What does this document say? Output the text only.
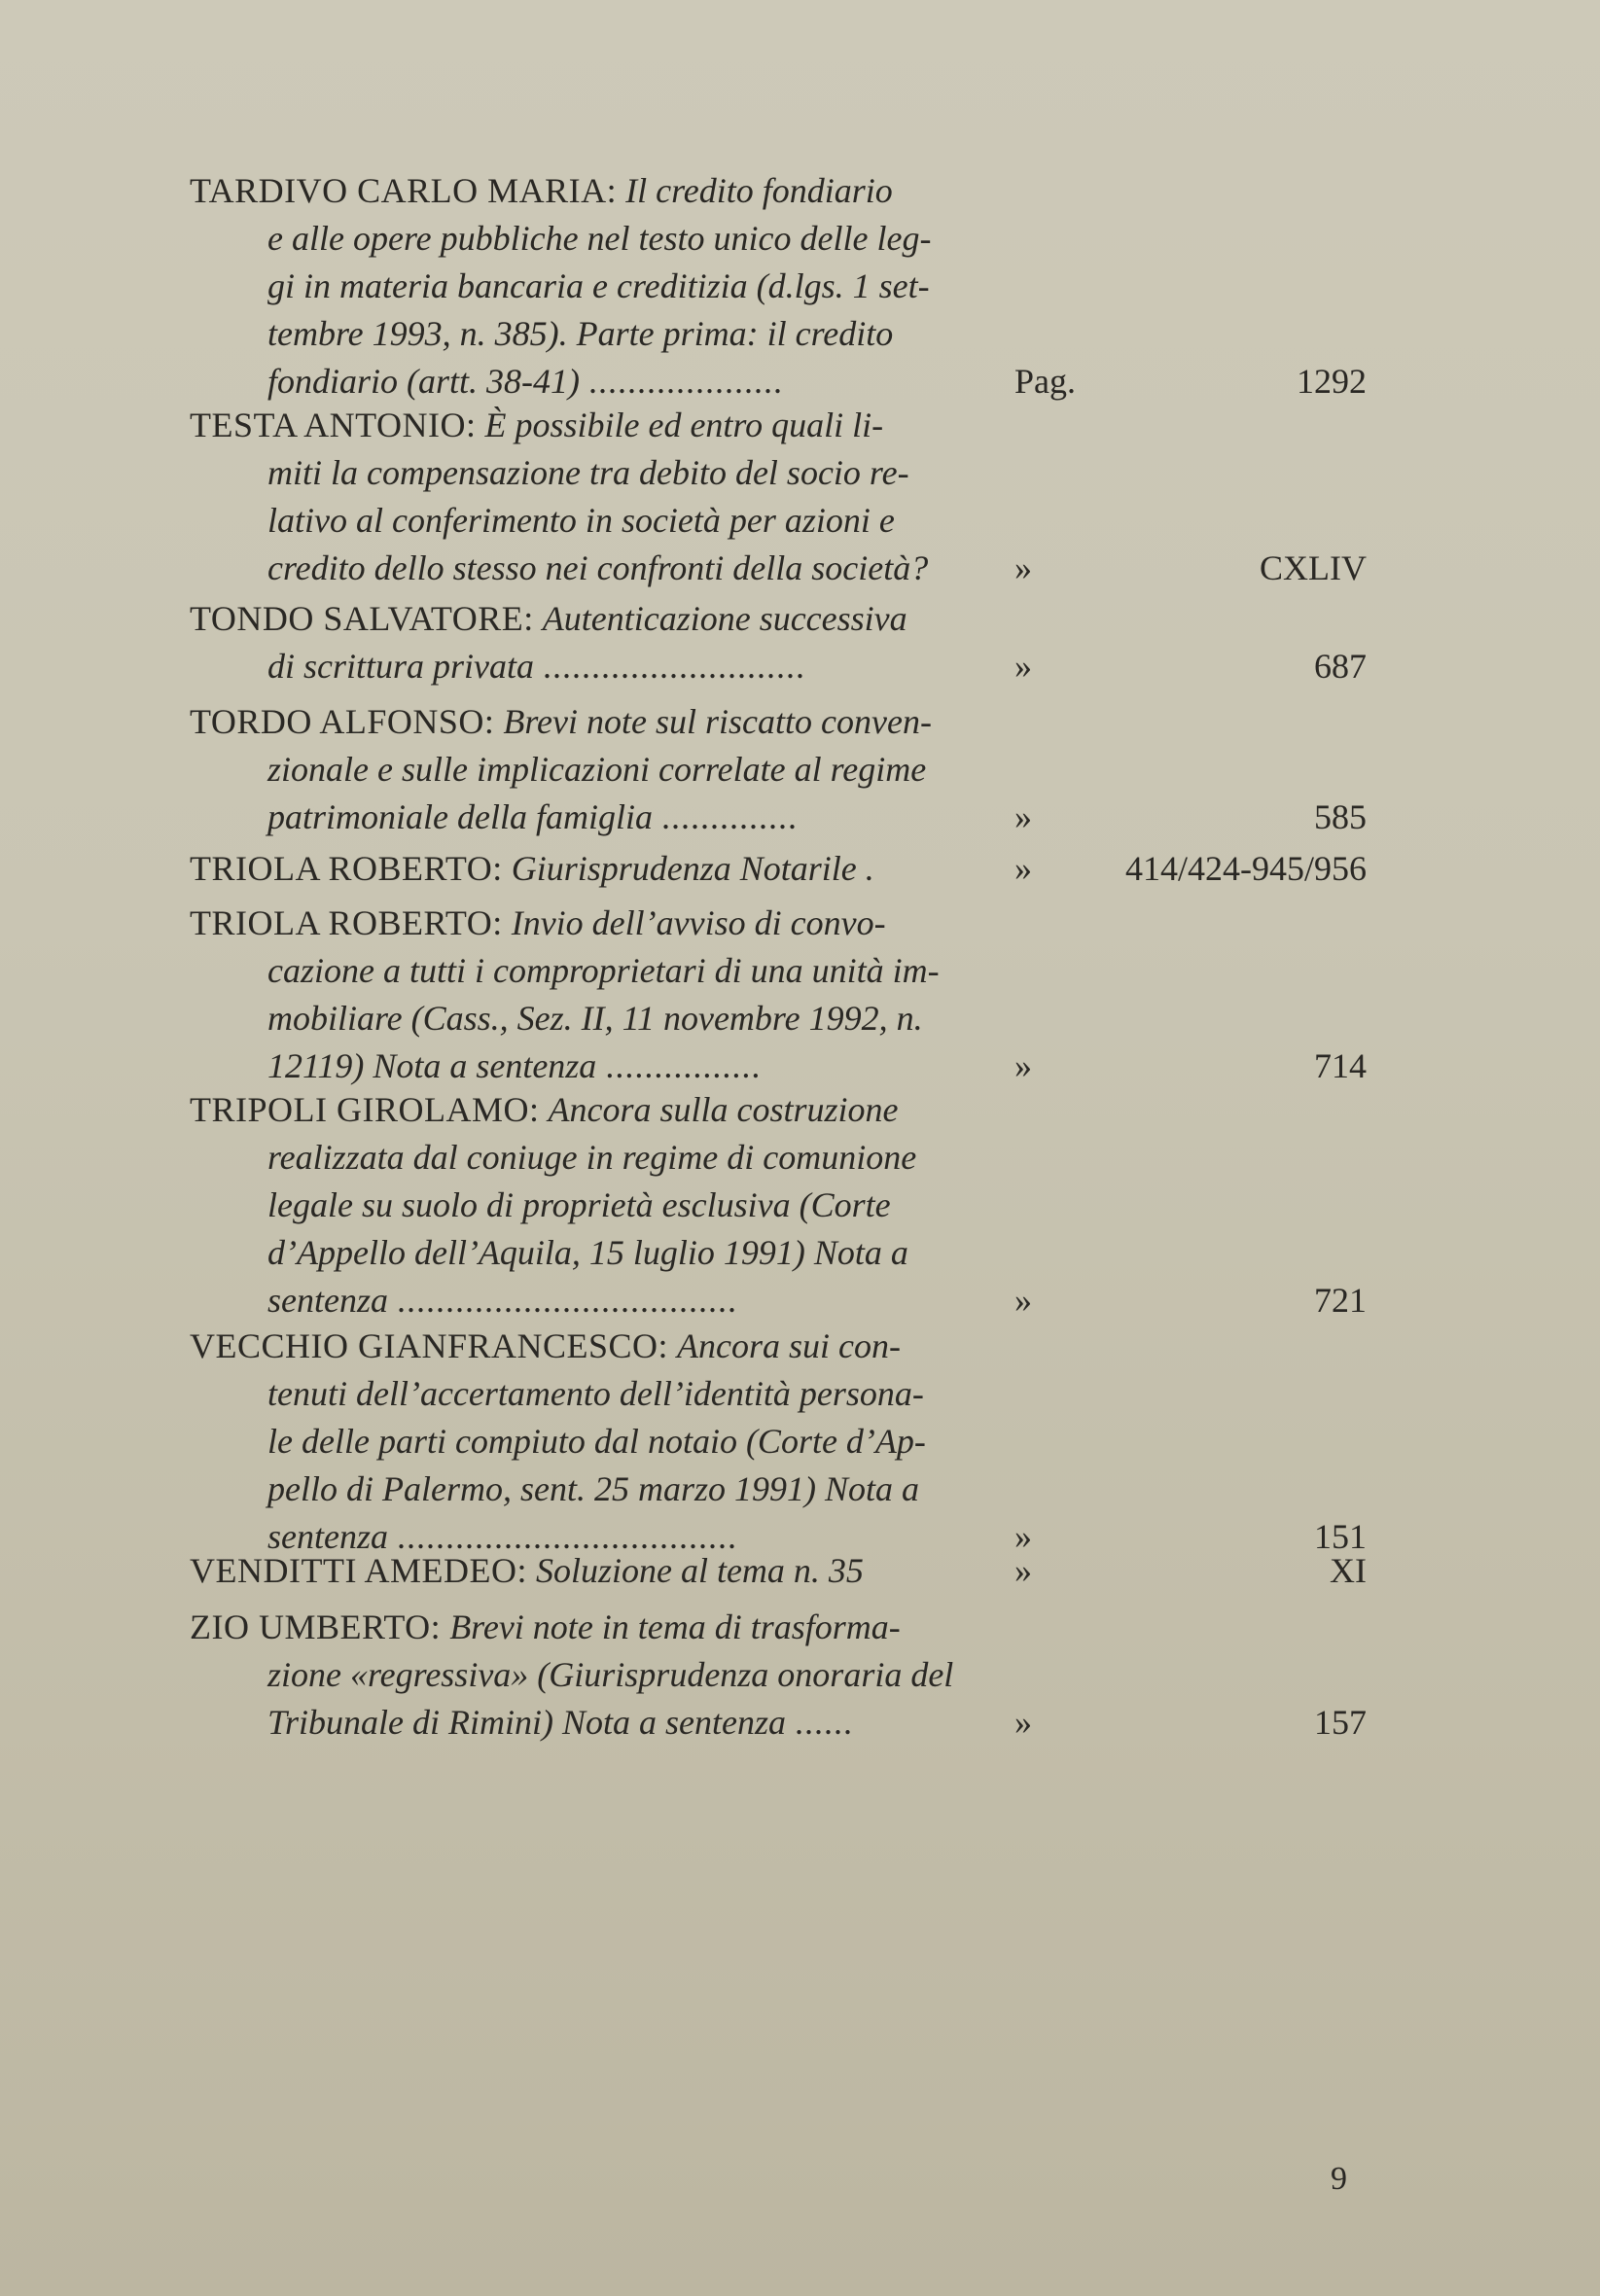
TARDIVO CARLO MARIA: Il credito fondiario
e alle opere pubbliche nel testo unico delle leg-
gi in materia bancaria e creditizia (d.lgs. 1 set-
tembre 1993, n. 385). Parte prima: il credito
fondiario (artt. 38-41) ....................	Pag.	1292
TESTA ANTONIO: È possibile ed entro quali li-
miti la compensazione tra debito del socio re-
lativo al conferimento in società per azioni e
credito dello stesso nei confronti della società? »	CXLIV
TONDO SALVATORE: Autenticazione successiva
di scrittura privata ...........................	»	687
TORDO ALFONSO: Brevi note sul riscatto conven-
zionale e sulle implicazioni correlate al regime
patrimoniale della famiglia ..............	»	585
TRIOLA ROBERTO: Giurisprudenza Notarile .	»	414/424-945/956
TRIOLA ROBERTO: Invio dell’avviso di convo-
cazione a tutti i comproprietari di una unità im-
mobiliare (Cass., Sez. II, 11 novembre 1992, n.
12119) Nota a sentenza ................	»	714
TRIPOLI GIROLAMO: Ancora sulla costruzione
realizzata dal coniuge in regime di comunione
legale su suolo di proprietà esclusiva (Corte
d’Appello dell’Aquila, 15 luglio 1991) Nota a
sentenza ...................................	»	721
VECCHIO GIANFRANCESCO: Ancora sui con-
tenuti dell’accertamento dell’identità persona-
le delle parti compiuto dal notaio (Corte d’Ap-
pello di Palermo, sent. 25 marzo 1991) Nota a
sentenza ...................................	»	151
VENDITTI AMEDEO: Soluzione al tema n. 35	»	XI
ZIO UMBERTO: Brevi note in tema di trasforma-
zione «regressiva» (Giurisprudenza onoraria del
Tribunale di Rimini) Nota a sentenza ......	»	157
9
